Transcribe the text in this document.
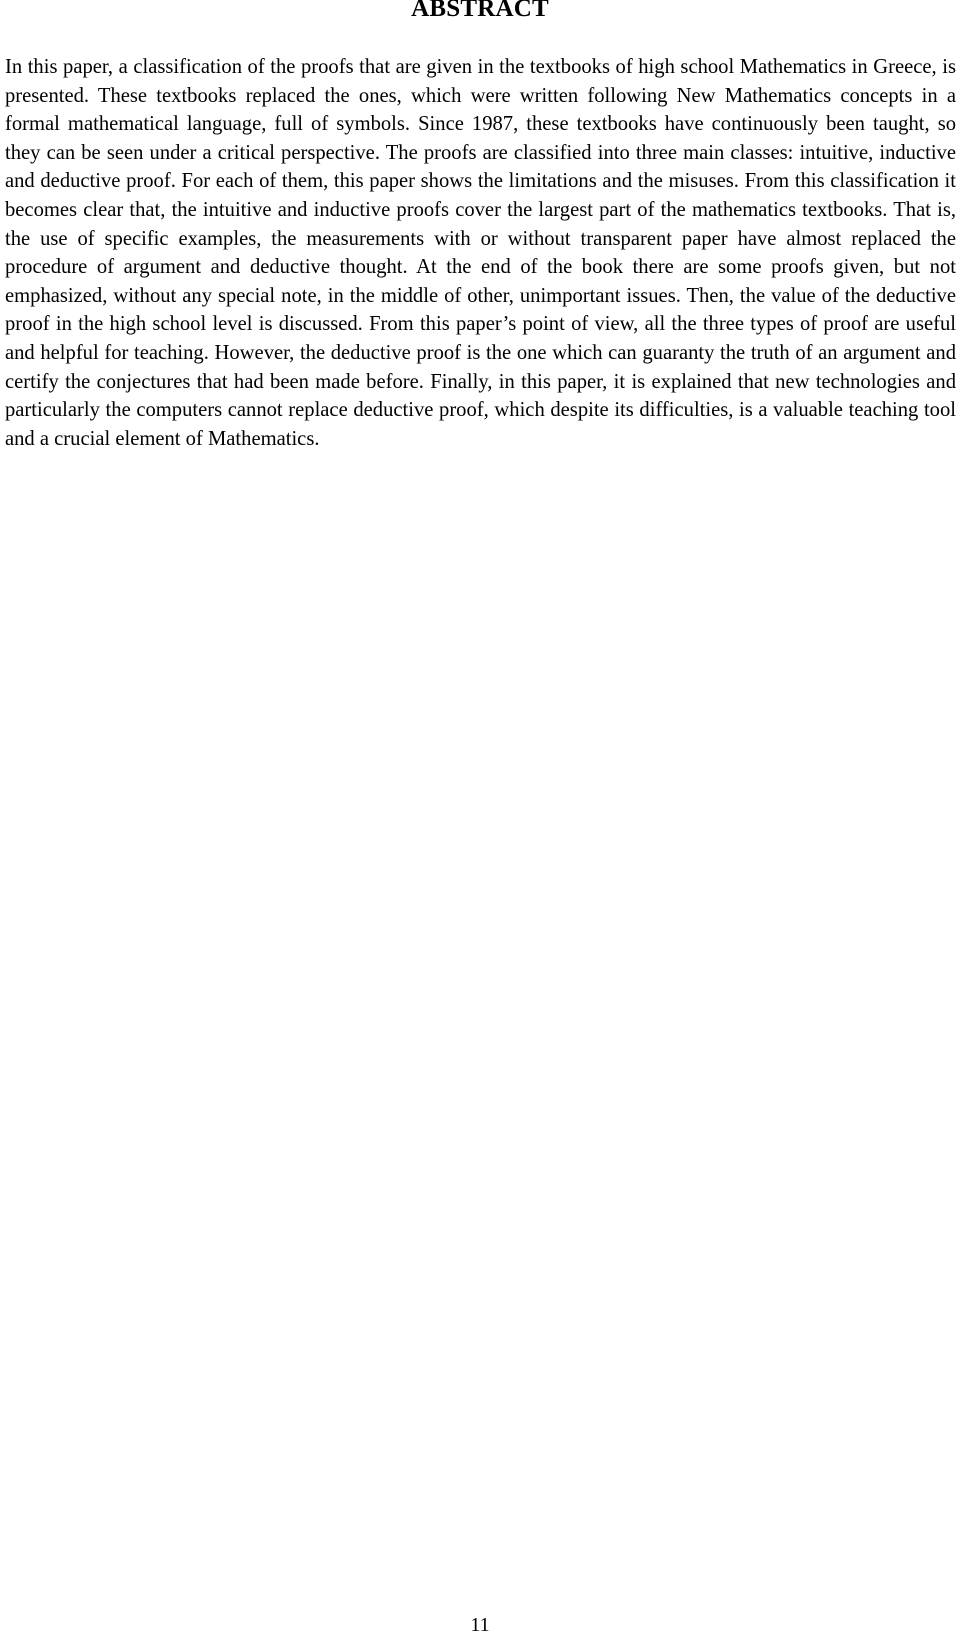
ABSTRACT

In this paper, a classification of the proofs that are given in the textbooks of high school Mathematics in Greece, is presented. These textbooks replaced the ones, which were written following New Mathematics concepts in a formal mathematical language, full of symbols. Since 1987, these textbooks have continuously been taught, so they can be seen under a critical perspective. The proofs are classified into three main classes: intuitive, inductive and deductive proof. For each of them, this paper shows the limitations and the misuses. From this classification it becomes clear that, the intuitive and inductive proofs cover the largest part of the mathematics textbooks. That is, the use of specific examples, the measurements with or without transparent paper have almost replaced the procedure of argument and deductive thought. At the end of the book there are some proofs given, but not emphasized, without any special note, in the middle of other, unimportant issues. Then, the value of the deductive proof in the high school level is discussed. From this paper’s point of view, all the three types of proof are useful and helpful for teaching. However, the deductive proof is the one which can guaranty the truth of an argument and certify the conjectures that had been made before. Finally, in this paper, it is explained that new technologies and particularly the computers cannot replace deductive proof, which despite its difficulties, is a valuable teaching tool and a crucial element of Mathematics.

11
